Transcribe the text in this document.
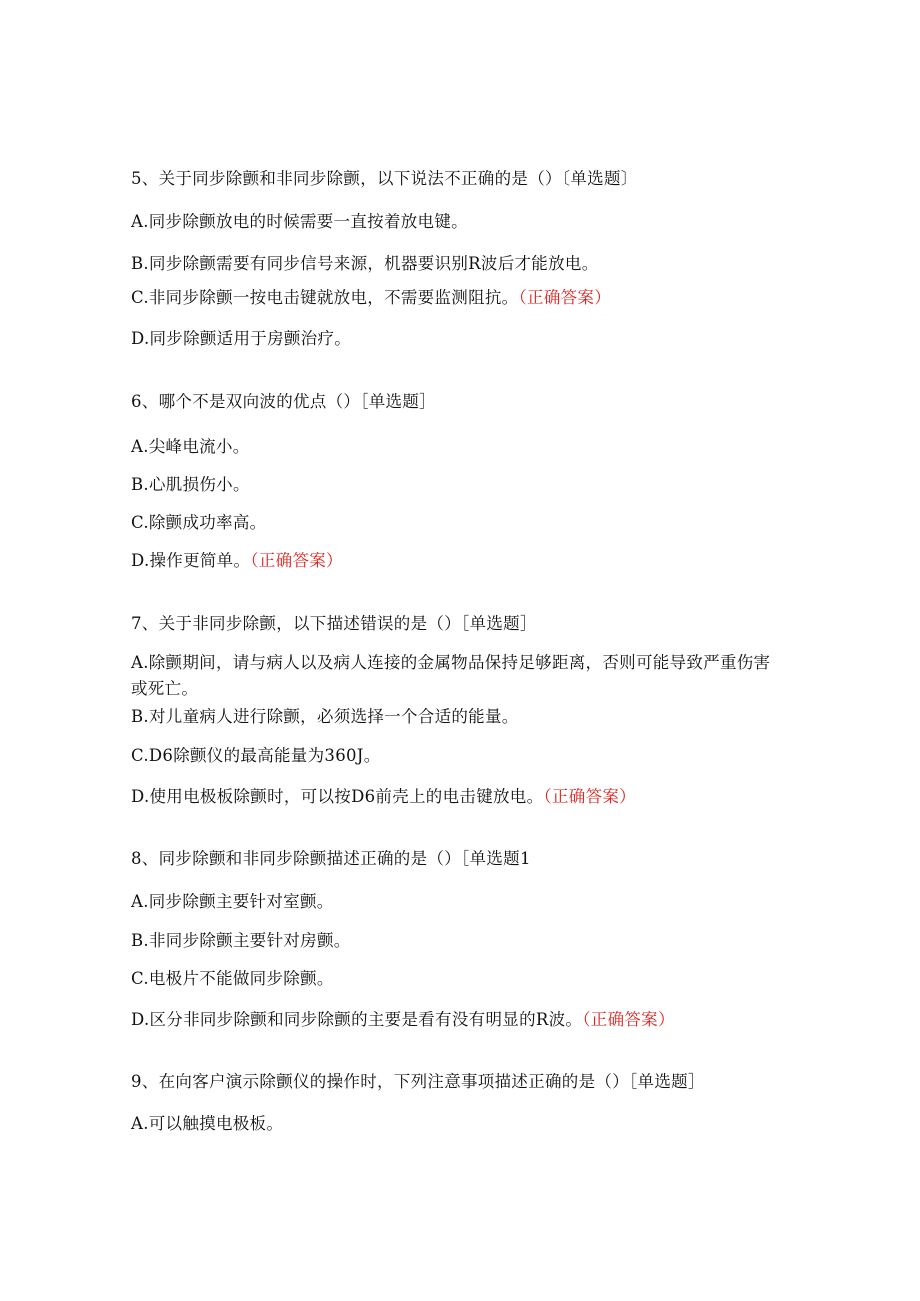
5、关于同步除颤和非同步除颤，以下说法不正确的是（）〔单选题〕
A.同步除颤放电的时候需要一直按着放电键。
B.同步除颤需要有同步信号来源，机器要识别R波后才能放电。
C.非同步除颤一按电击键就放电，不需要监测阻抗。（正确答案）
D.同步除颤适用于房颤治疗。
6、哪个不是双向波的优点（）［单选题］
A.尖峰电流小。
B.心肌损伤小。
C.除颤成功率高。
D.操作更简单。（正确答案）
7、关于非同步除颤，以下描述错误的是（）［单选题］
A.除颤期间，请与病人以及病人连接的金属物品保持足够距离，否则可能导致严重伤害或死亡。
B.对儿童病人进行除颤，必须选择一个合适的能量。
C.D6除颤仪的最高能量为360J。
D.使用电极板除颤时，可以按D6前壳上的电击键放电。（正确答案）
8、同步除颤和非同步除颤描述正确的是（）［单选题1
A.同步除颤主要针对室颤。
B.非同步除颤主要针对房颤。
C.电极片不能做同步除颤。
D.区分非同步除颤和同步除颤的主要是看有没有明显的R波。（正确答案）
9、在向客户演示除颤仪的操作时，下列注意事项描述正确的是（）［单选题］
A.可以触摸电极板。
